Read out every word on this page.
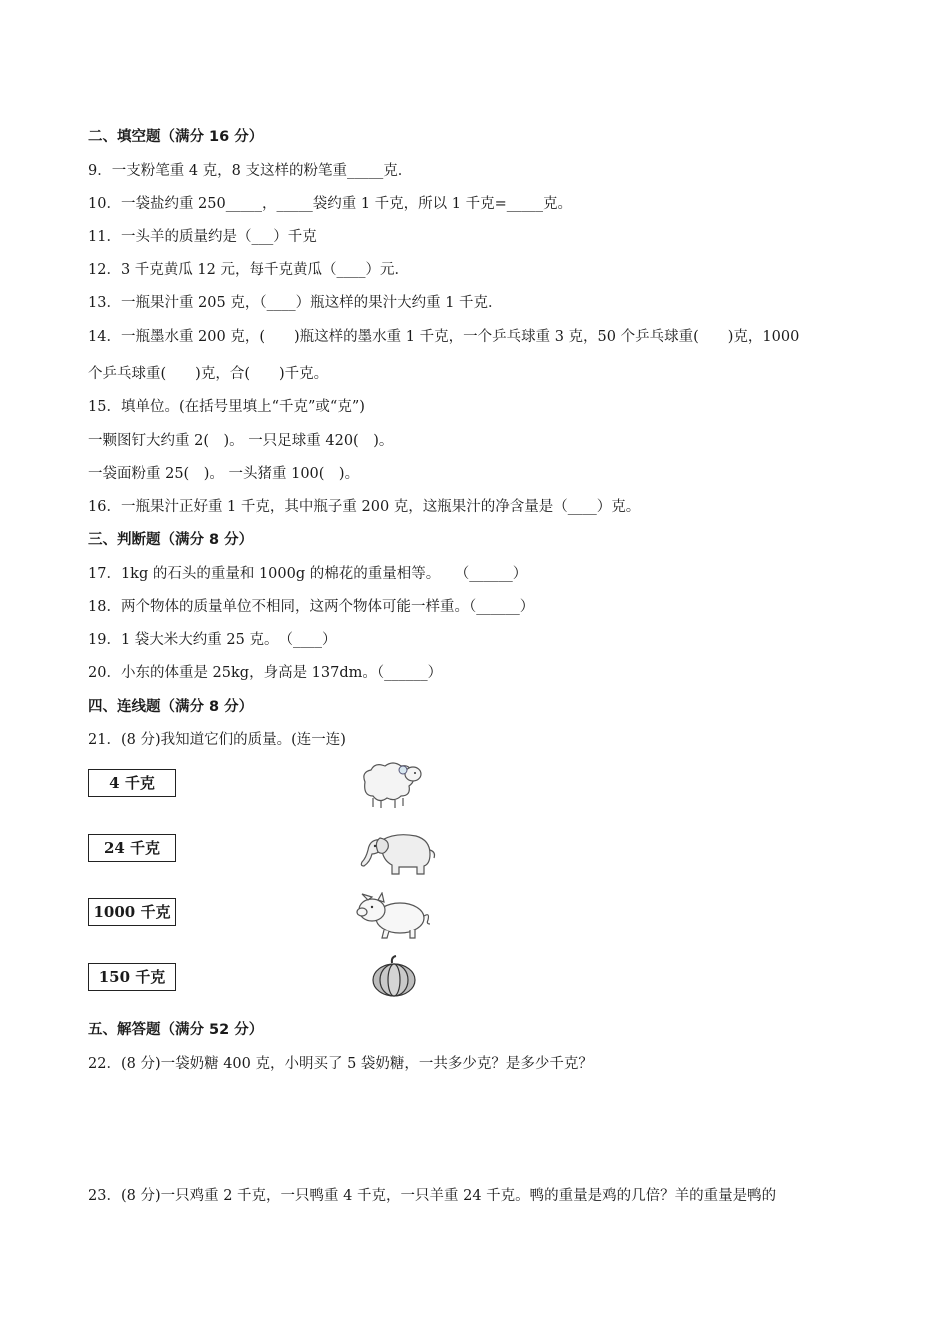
二、填空题（满分 16 分）
9．一支粉笔重 4 克，8 支这样的粉笔重_____克．
10．一袋盐约重 250_____，_____袋约重 1 千克，所以 1 千克=_____克。
11．一头羊的质量约是（___）千克
12．3 千克黄瓜 12 元，每千克黄瓜（____）元．
13．一瓶果汁重 205 克，（____）瓶这样的果汁大约重 1 千克．
14．一瓶墨水重 200 克，(　　)瓶这样的墨水重 1 千克，一个乒乓球重 3 克，50 个乒乓球重(　　)克，1000
个乒乓球重(　　)克，合(　　)千克。
15．填单位。(在括号里填上“千克”或“克”)
一颗图钉大约重 2(　)。 一只足球重 420(　)。
一袋面粉重 25(　)。 一头猪重 100(　)。
16．一瓶果汁正好重 1 千克，其中瓶子重 200 克，这瓶果汁的净含量是（____）克。
三、判断题（满分 8 分）
17．1kg 的石头的重量和 1000g 的棉花的重量相等。　　（______）
18．两个物体的质量单位不相同，这两个物体可能一样重。（______）
19．1 袋大米大约重 25 克。　（____）
20．小东的体重是 25kg，身高是 137dm。（______）
四、连线题（满分 8 分）
21．(8 分)我知道它们的质量。(连一连)
4 千克
24 千克
1000 千克
150 千克
五、解答题（满分 52 分）
22．(8 分)一袋奶糖 400 克，小明买了 5 袋奶糖，一共多少克？是多少千克？
23．(8 分)一只鸡重 2 千克，一只鸭重 4 千克，一只羊重 24 千克。鸭的重量是鸡的几倍？羊的重量是鸭的
